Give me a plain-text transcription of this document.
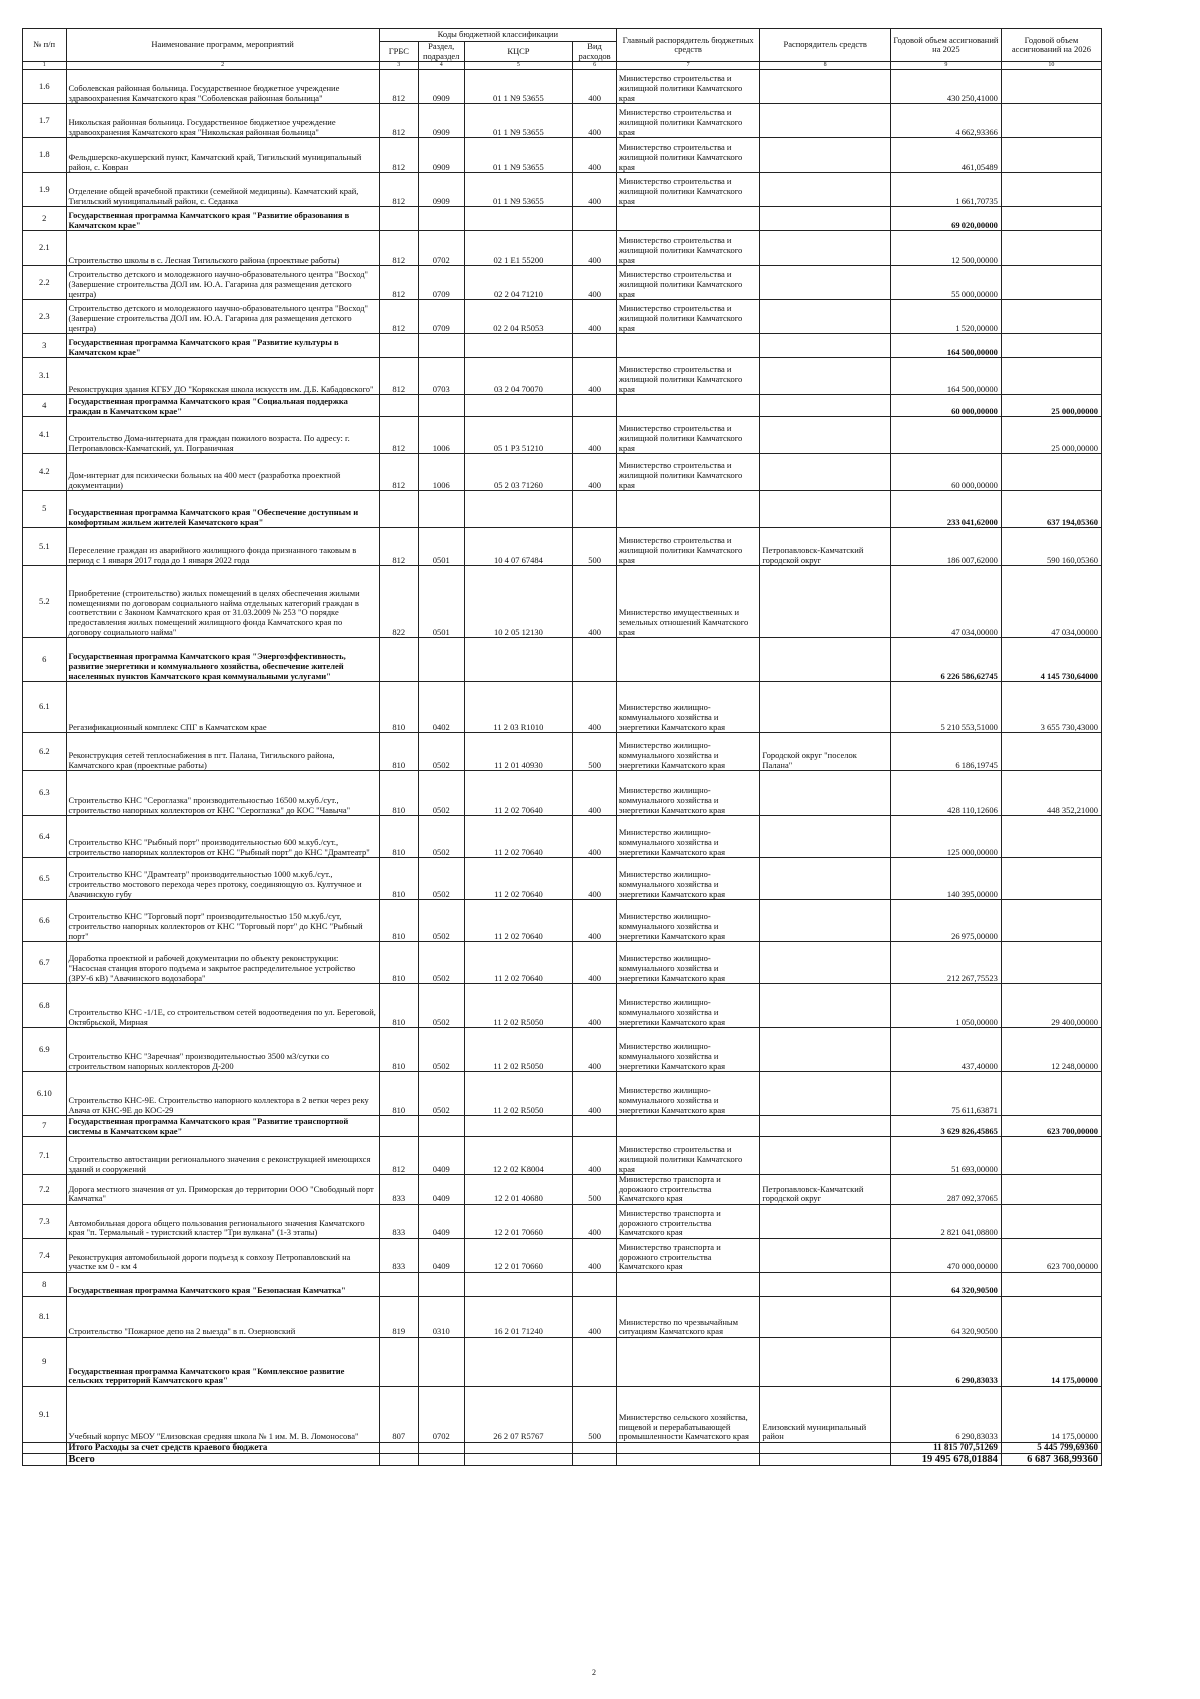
№ п/п	Наименование программ, мероприятий	Коды бюджетной классификации				Главный распорядитель бюджетных средств	Распорядитель средств	Годовой объем ассигнований на 2025	Годовой объем ассигнований на 2026
		ГРБС	Раздел, подраздел	КЦСР	Вид расходов				
1	2	3	4	5	6	7	8	9	10
1.6	Соболевская районная больница. Государственное бюджетное учреждение здравоохранения Камчатского края "Соболевская районная больница"	812	0909	01 1 N9 53655	400	Министерство строительства и жилищной политики Камчатского края		430 250,41000	
1.7	Никольская районная больница. Государственное бюджетное учреждение здравоохранения Камчатского края "Никольская районная больница"	812	0909	01 1 N9 53655	400	Министерство строительства и жилищной политики Камчатского края		4 662,93366	
1.8	Фельдшерско-акушерский пункт, Камчатский край, Тигильский муниципальный район, с. Ковран	812	0909	01 1 N9 53655	400	Министерство строительства и жилищной политики Камчатского края		461,05489	
1.9	Отделение общей врачебной практики (семейной медицины). Камчатский край, Тигильский муниципальный район, с. Седанка	812	0909	01 1 N9 53655	400	Министерство строительства и жилищной политики Камчатского края		1 661,70735	
2	Государственная программа Камчатского края "Развитие образования в Камчатском крае"							69 020,00000	
2.1	Строительство школы в с. Лесная Тигильского района (проектные работы)	812	0702	02 1 E1 55200	400	Министерство строительства и жилищной политики Камчатского края		12 500,00000	
2.2	Строительство детского и молодежного научно-образовательного центра "Восход" (Завершение строительства ДОЛ им. Ю.А. Гагарина для размещения детского центра)	812	0709	02 2 04 71210	400	Министерство строительства и жилищной политики Камчатского края		55 000,00000	
2.3	Строительство детского и молодежного научно-образовательного центра "Восход" (Завершение строительства ДОЛ им. Ю.А. Гагарина для размещения детского центра)	812	0709	02 2 04 R5053	400	Министерство строительства и жилищной политики Камчатского края		1 520,00000	
3	Государственная программа Камчатского края "Развитие культуры в Камчатском крае"							164 500,00000	
3.1	Реконструкция здания КГБУ ДО "Корякская школа искусств им. Д.Б. Кабадовского"	812	0703	03 2 04 70070	400	Министерство строительства и жилищной политики Камчатского края		164 500,00000	
4	Государственная программа Камчатского края "Социальная поддержка граждан в Камчатском крае"							60 000,00000	25 000,00000
4.1	Строительство Дома-интерната для граждан пожилого возраста. По адресу: г. Петропавловск-Камчатский, ул. Пограничная	812	1006	05 1 P3 51210	400	Министерство строительства и жилищной политики Камчатского края			25 000,00000
4.2	Дом-интернат для психически больных на 400 мест (разработка проектной документации)	812	1006	05 2 03 71260	400	Министерство строительства и жилищной политики Камчатского края		60 000,00000	
5	Государственная программа Камчатского края "Обеспечение доступным и комфортным жильем жителей Камчатского края"							233 041,62000	637 194,05360
5.1	Переселение граждан из аварийного жилищного фонда признанного таковым в период с 1 января 2017 года до 1 января 2022 года	812	0501	10 4 07 67484	500	Министерство строительства и жилищной политики Камчатского края	Петропавловск-Камчатский городской округ	186 007,62000	590 160,05360
5.2	Приобретение (строительство) жилых помещений в целях обеспечения жилыми помещениями по договорам социального найма отдельных категорий граждан в соответствии с Законом Камчатского края от 31.03.2009 № 253 "О порядке предоставления жилых помещений жилищного фонда Камчатского края по договору социального найма"	822	0501	10 2 05 12130	400	Министерство имущественных и земельных отношений Камчатского края		47 034,00000	47 034,00000
6	Государственная программа Камчатского края "Энергоэффективность, развитие энергетики и коммунального хозяйства, обеспечение жителей населенных пунктов Камчатского края коммунальными услугами"							6 226 586,62745	4 145 730,64000
6.1	Регазификационный комплекс СПГ в Камчатском крае	810	0402	11 2 03 R1010	400	Министерство жилищно-коммунального хозяйства и энергетики Камчатского края		5 210 553,51000	3 655 730,43000
6.2	Реконструкция сетей теплоснабжения в пгт. Палана, Тигильского района, Камчатского края (проектные работы)	810	0502	11 2 01 40930	500	Министерство жилищно-коммунального хозяйства и энергетики Камчатского края	Городской округ "поселок Палана"	6 186,19745	
6.3	Строительство КНС "Сероглазка" производительностью 16500 м.куб./сут., строительство напорных коллекторов от КНС "Сероглазка" до КОС "Чавыча"	810	0502	11 2 02 70640	400	Министерство жилищно-коммунального хозяйства и энергетики Камчатского края		428 110,12606	448 352,21000
6.4	Строительство КНС "Рыбный порт" производительностью 600 м.куб./сут., строительство напорных коллекторов от КНС "Рыбный порт" до КНС "Драмтеатр"	810	0502	11 2 02 70640	400	Министерство жилищно-коммунального хозяйства и энергетики Камчатского края		125 000,00000	
6.5	Строительство КНС "Драмтеатр" производительностью 1000 м.куб./сут., строительство мостового перехода через протоку, соединяющую оз. Култучное и Авачинскую губу	810	0502	11 2 02 70640	400	Министерство жилищно-коммунального хозяйства и энергетики Камчатского края		140 395,00000	
6.6	Строительство КНС "Торговый порт" производительностью 150 м.куб./сут, строительство напорных коллекторов от КНС "Торговый порт" до КНС "Рыбный порт"	810	0502	11 2 02 70640	400	Министерство жилищно-коммунального хозяйства и энергетики Камчатского края		26 975,00000	
6.7	Доработка проектной и рабочей документации по объекту реконструкции: "Насосная станция второго подъема и закрытое распределительное устройство (ЗРУ-6 кВ) "Авачинского водозабора"	810	0502	11 2 02 70640	400	Министерство жилищно-коммунального хозяйства и энергетики Камчатского края		212 267,75523	
6.8	Строительство КНС -1/1Е, со строительством сетей водоотведения по ул. Береговой, Октябрьской, Мирная	810	0502	11 2 02 R5050	400	Министерство жилищно-коммунального хозяйства и энергетики Камчатского края		1 050,00000	29 400,00000
6.9	Строительство КНС "Заречная" производительностью 3500 м3/сутки со строительством напорных коллекторов Д-200	810	0502	11 2 02 R5050	400	Министерство жилищно-коммунального хозяйства и энергетики Камчатского края		437,40000	12 248,00000
6.10	Строительство КНС-9Е. Строительство напорного коллектора в 2 ветки через реку Авача от КНС-9Е до КОС-29	810	0502	11 2 02 R5050	400	Министерство жилищно-коммунального хозяйства и энергетики Камчатского края		75 611,63871	
7	Государственная программа Камчатского края "Развитие транспортной системы в Камчатском крае"							3 629 826,45865	623 700,00000
7.1	Строительство автостанции регионального значения с реконструкцией имеющихся зданий и сооружений	812	0409	12 2 02 K8004	400	Министерство строительства и жилищной политики Камчатского края		51 693,00000	
7.2	Дорога местного значения от ул. Приморская до территории ООО "Свободный порт Камчатка"	833	0409	12 2 01 40680	500	Министерство транспорта и дорожного строительства Камчатского края	Петропавловск-Камчатский городской округ	287 092,37065	
7.3	Автомобильная дорога общего пользования регионального значения Камчатского края "п. Термальный - туристский кластер "Три вулкана" (1-3 этапы)	833	0409	12 2 01 70660	400	Министерство транспорта и дорожного строительства Камчатского края		2 821 041,08800	
7.4	Реконструкция автомобильной дороги подъезд к совхозу Петропавловский на участке км 0 - км 4	833	0409	12 2 01 70660	400	Министерство транспорта и дорожного строительства Камчатского края		470 000,00000	623 700,00000
8	Государственная программа Камчатского края "Безопасная Камчатка"							64 320,90500	
8.1	Строительство "Пожарное депо на 2 выезда" в п. Озерновский	819	0310	16 2 01 71240	400	Министерство по чрезвычайным ситуациям Камчатского края		64 320,90500	
9	Государственная программа Камчатского края "Комплексное развитие сельских территорий Камчатского края"							6 290,83033	14 175,00000
9.1	Учебный корпус МБОУ "Елизовская средняя школа № 1 им. М. В. Ломоносова"	807	0702	26 2 07 R5767	500	Министерство сельского хозяйства, пищевой и перерабатывающей промышленности Камчатского края	Елизовский муниципальный район	6 290,83033	14 175,00000
	Итого Расходы за счет средств краевого бюджета							11 815 707,51269	5 445 799,69360
	Всего							19 495 678,01884	6 687 368,99360
2
